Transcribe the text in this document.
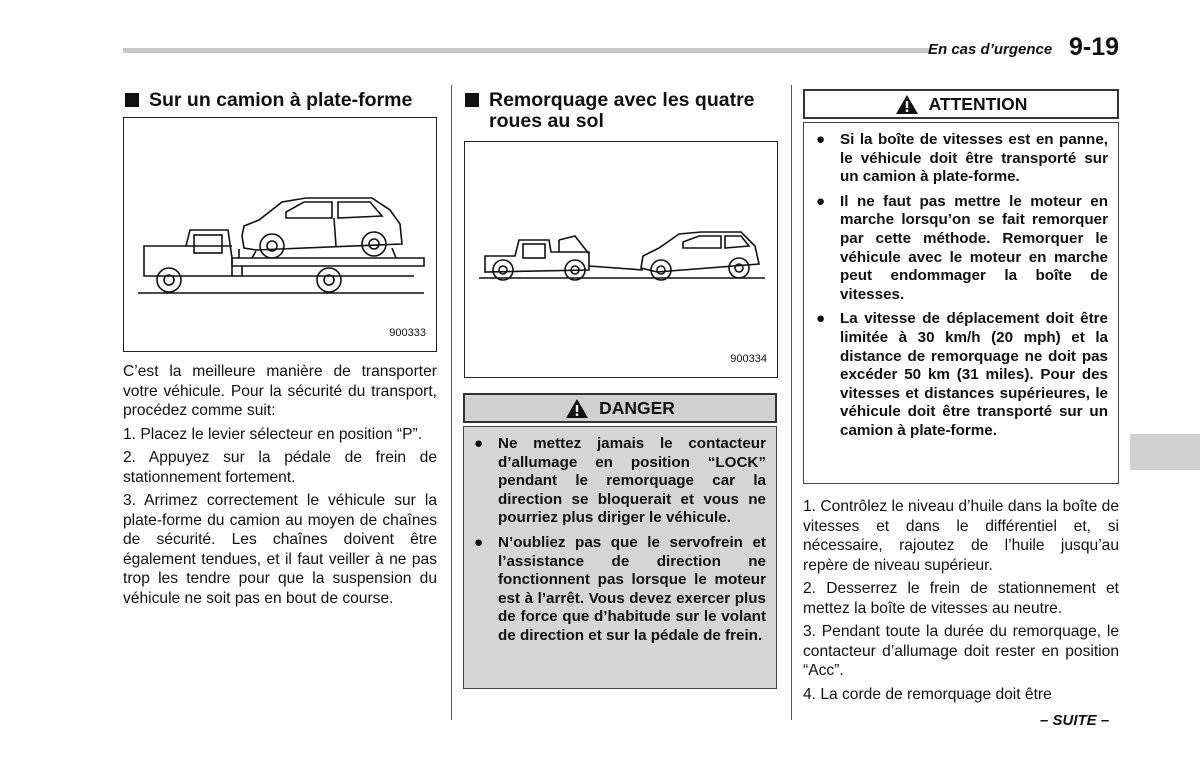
En cas d’urgence 9-19
Sur un camion à plate-forme
900333

C’est la meilleure manière de transporter votre véhicule. Pour la sécurité du transport, procédez comme suit:

1. Placez le levier sélecteur en position “P”.

2. Appuyez sur la pédale de frein de stationnement fortement.

3. Arrimez correctement le véhicule sur la plate-forme du camion au moyen de chaînes de sécurité. Les chaînes doivent être également tendues, et il faut veiller à ne pas trop les tendre pour que la suspension du véhicule ne soit pas en bout de course.

Remorquage avec les quatre roues au sol
900334
DANGER
● Ne mettez jamais le contacteur d’allumage en position “LOCK” pendant le remorquage car la direction se bloquerait et vous ne pourriez plus diriger le véhicule.
● N’oubliez pas que le servofrein et l’assistance de direction ne fonctionnent pas lorsque le moteur est à l’arrêt. Vous devez exercer plus de force que d’habitude sur le volant de direction et sur la pédale de frein.
ATTENTION
● Si la boîte de vitesses est en panne, le véhicule doit être transporté sur un camion à plate-forme.
● Il ne faut pas mettre le moteur en marche lorsqu’on se fait remorquer par cette méthode. Remorquer le véhicule avec le moteur en marche peut endommager la boîte de vitesses.
● La vitesse de déplacement doit être limitée à 30 km/h (20 mph) et la distance de remorquage ne doit pas excéder 50 km (31 miles). Pour des vitesses et distances supérieures, le véhicule doit être transporté sur un camion à plate-forme.

1. Contrôlez le niveau d’huile dans la boîte de vitesses et dans le différentiel et, si nécessaire, rajoutez de l’huile jusqu’au repère de niveau supérieur.

2. Desserrez le frein de stationnement et mettez la boîte de vitesses au neutre.

3. Pendant toute la durée du remorquage, le contacteur d’allumage doit rester en position “Acc”.

4. La corde de remorquage doit être

– SUITE –
